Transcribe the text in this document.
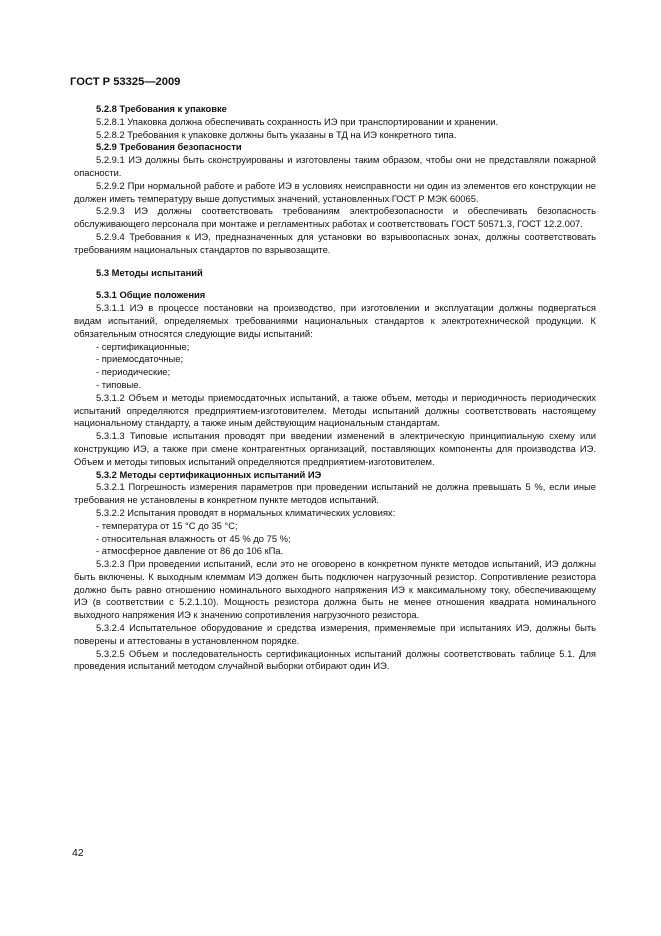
ГОСТ Р 53325—2009
5.2.8 Требования к упаковке
5.2.8.1 Упаковка должна обеспечивать сохранность ИЭ при транспортировании и хранении.
5.2.8.2 Требования к упаковке должны быть указаны в ТД на ИЭ конкретного типа.
5.2.9 Требования безопасности
5.2.9.1 ИЭ должны быть сконструированы и изготовлены таким образом, чтобы они не представляли пожарной опасности.
5.2.9.2 При нормальной работе и работе ИЭ в условиях неисправности ни один из элементов его конструкции не должен иметь температуру выше допустимых значений, установленных ГОСТ Р МЭК 60065.
5.2.9.3 ИЭ должны соответствовать требованиям электробезопасности и обеспечивать безопасность обслуживающего персонала при монтаже и регламентных работах и соответствовать ГОСТ 50571.3, ГОСТ 12.2.007.
5.2.9.4 Требования к ИЭ, предназначенных для установки во взрывоопасных зонах, должны соответствовать требованиям национальных стандартов по взрывозащите.
5.3 Методы испытаний
5.3.1 Общие положения
5.3.1.1 ИЭ в процессе постановки на производство, при изготовлении и эксплуатации должны подвергаться видам испытаний, определяемых требованиями национальных стандартов к электротехнической продукции. К обязательным относятся следующие виды испытаний:
- сертификационные;
- приемосдаточные;
- периодические;
- типовые.
5.3.1.2 Объем и методы приемосдаточных испытаний, а также объем, методы и периодичность периодических испытаний определяются предприятием-изготовителем. Методы испытаний должны соответствовать настоящему национальному стандарту, а также иным действующим национальным стандартам.
5.3.1.3 Типовые испытания проводят при введении изменений в электрическую принципиальную схему или конструкцию ИЭ, а также при смене контрагентных организаций, поставляющих компоненты для производства ИЭ. Объем и методы типовых испытаний определяются предприятием-изготовителем.
5.3.2 Методы сертификационных испытаний ИЭ
5.3.2.1 Погрешность измерения параметров при проведении испытаний не должна превышать 5 %, если иные требования не установлены в конкретном пункте методов испытаний.
5.3.2.2 Испытания проводят в нормальных климатических условиях:
- температура от 15 °С до 35 °С;
- относительная влажность от 45 % до 75 %;
- атмосферное давление от 86 до 106 кПа.
5.3.2.3 При проведении испытаний, если это не оговорено в конкретном пункте методов испытаний, ИЭ должны быть включены. К выходным клеммам ИЭ должен быть подключен нагрузочный резистор. Сопротивление резистора должно быть равно отношению номинального выходного напряжения ИЭ к максимальному току, обеспечивающему ИЭ (в соответствии с 5.2.1.10). Мощность резистора должна быть не менее отношения квадрата номинального выходного напряжения ИЭ к значению сопротивления нагрузочного резистора.
5.3.2.4 Испытательное оборудование и средства измерения, применяемые при испытаниях ИЭ, должны быть поверены и аттестованы в установленном порядке.
5.3.2.5 Объем и последовательность сертификационных испытаний должны соответствовать таблице 5.1. Для проведения испытаний методом случайной выборки отбирают один ИЭ.
42
